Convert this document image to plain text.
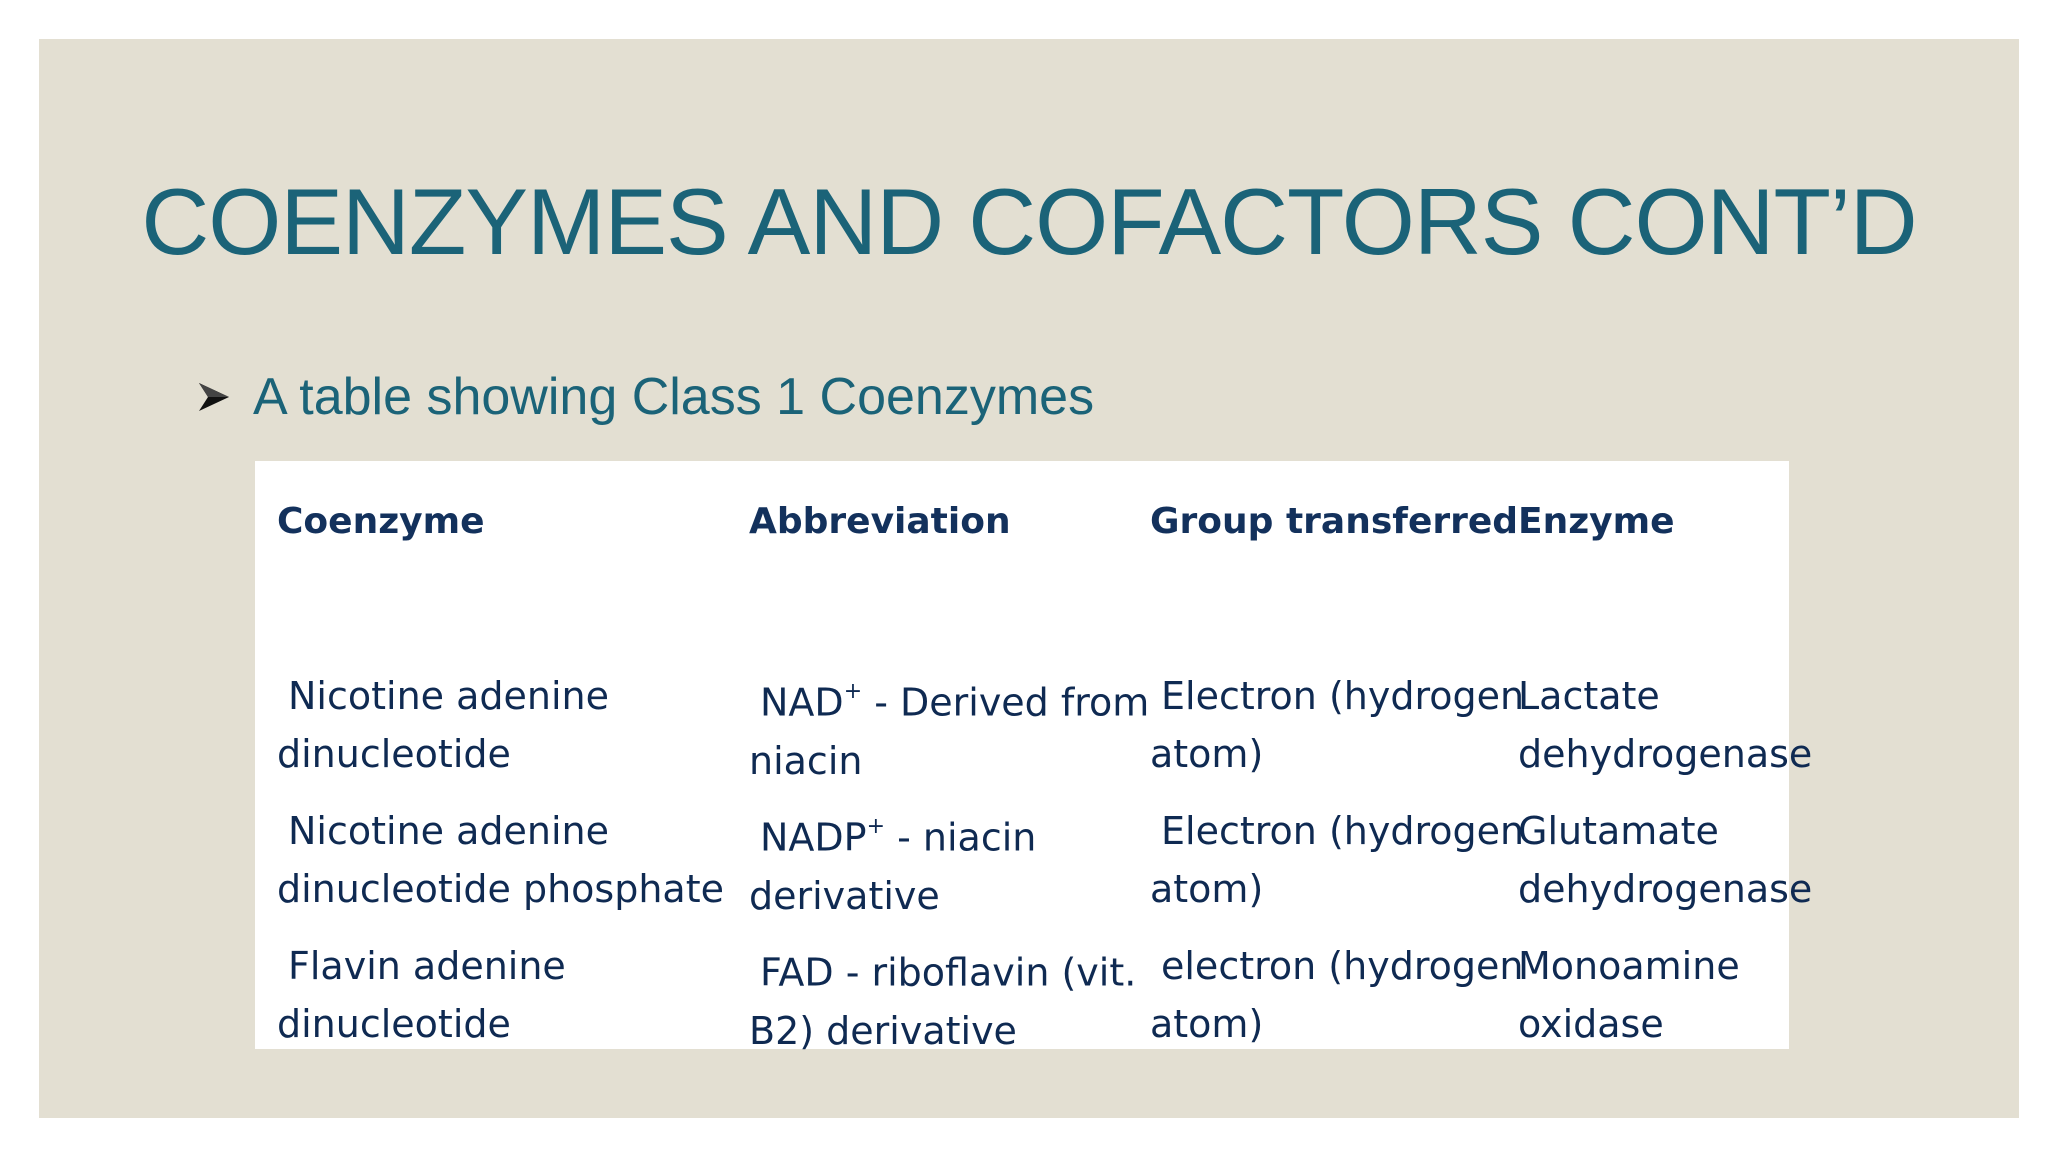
COENZYMES AND COFACTORS CONT’D
A table showing Class 1 Coenzymes
Coenzyme	Abbreviation	Group transferred Enzyme
Nicotine adenine
dinucleotide
NAD+ - Derived from
niacin
Electron (hydrogen
atom)
Lactate
dehydrogenase
Nicotine adenine
dinucleotide phosphate
NADP+ - niacin
derivative
Electron (hydrogen
atom)
Glutamate
dehydrogenase
Flavin adenine
dinucleotide
FAD - riboflavin (vit.
B2) derivative
electron (hydrogen
atom)
Monoamine
oxidase
